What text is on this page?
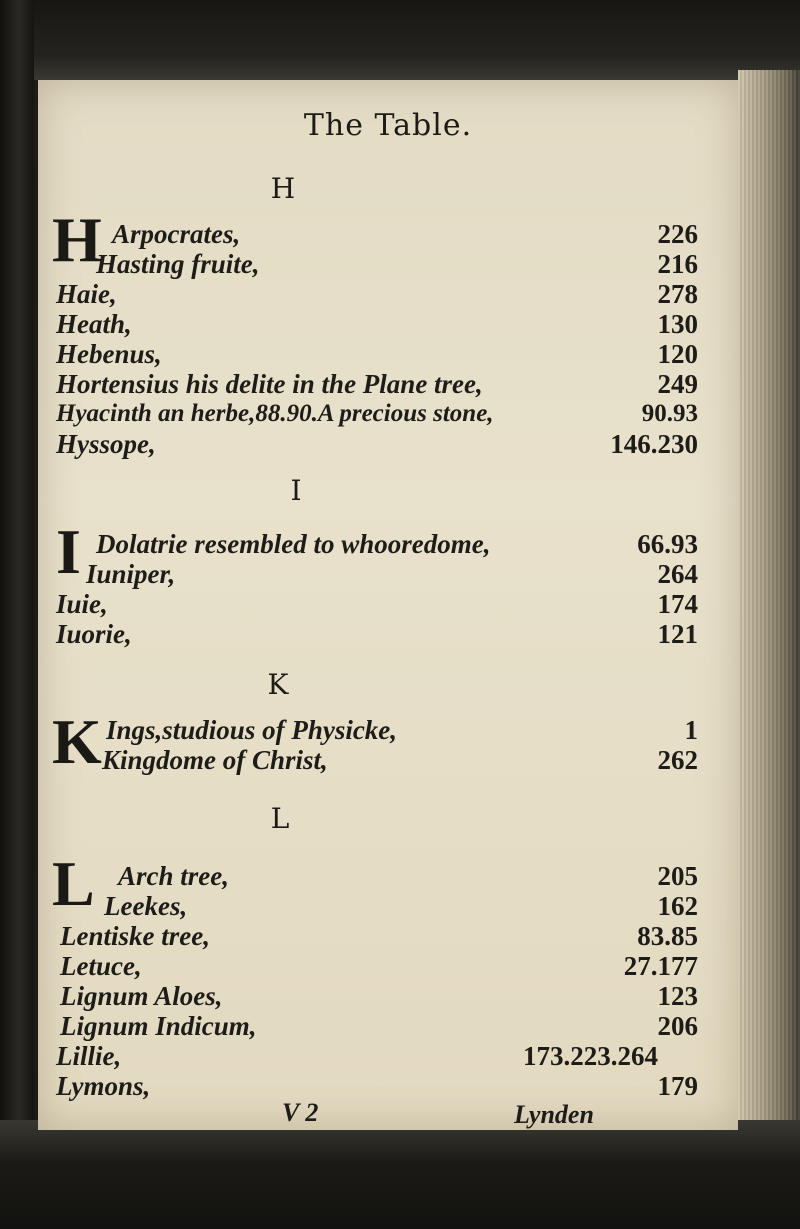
The Table.
H
H Arpocrates,	226
Hasting fruite,	216
Haie,	278
Heath,	130
Hebenus,	120
Hortensius his delite in the Plane tree,	249
Hyacinth an herbe,88.90.A precious stone,	90.93
Hyssope,	146.230
I
I Dolatrie resembled to whooredome,	66.93
Iuniper,	264
Iuie,	174
Iuorie,	121
K
K Ings,studious of Physicke,	1
Kingdome of Christ,	262
L
L Arch tree,	205
Leekes,	162
Lentiske tree,	83.85
Letuce,	27.177
Lignum Aloes,	123
Lignum Indicum,	206
Lillie,	173.223.264
Lymons,	179
V 2	Lynden
